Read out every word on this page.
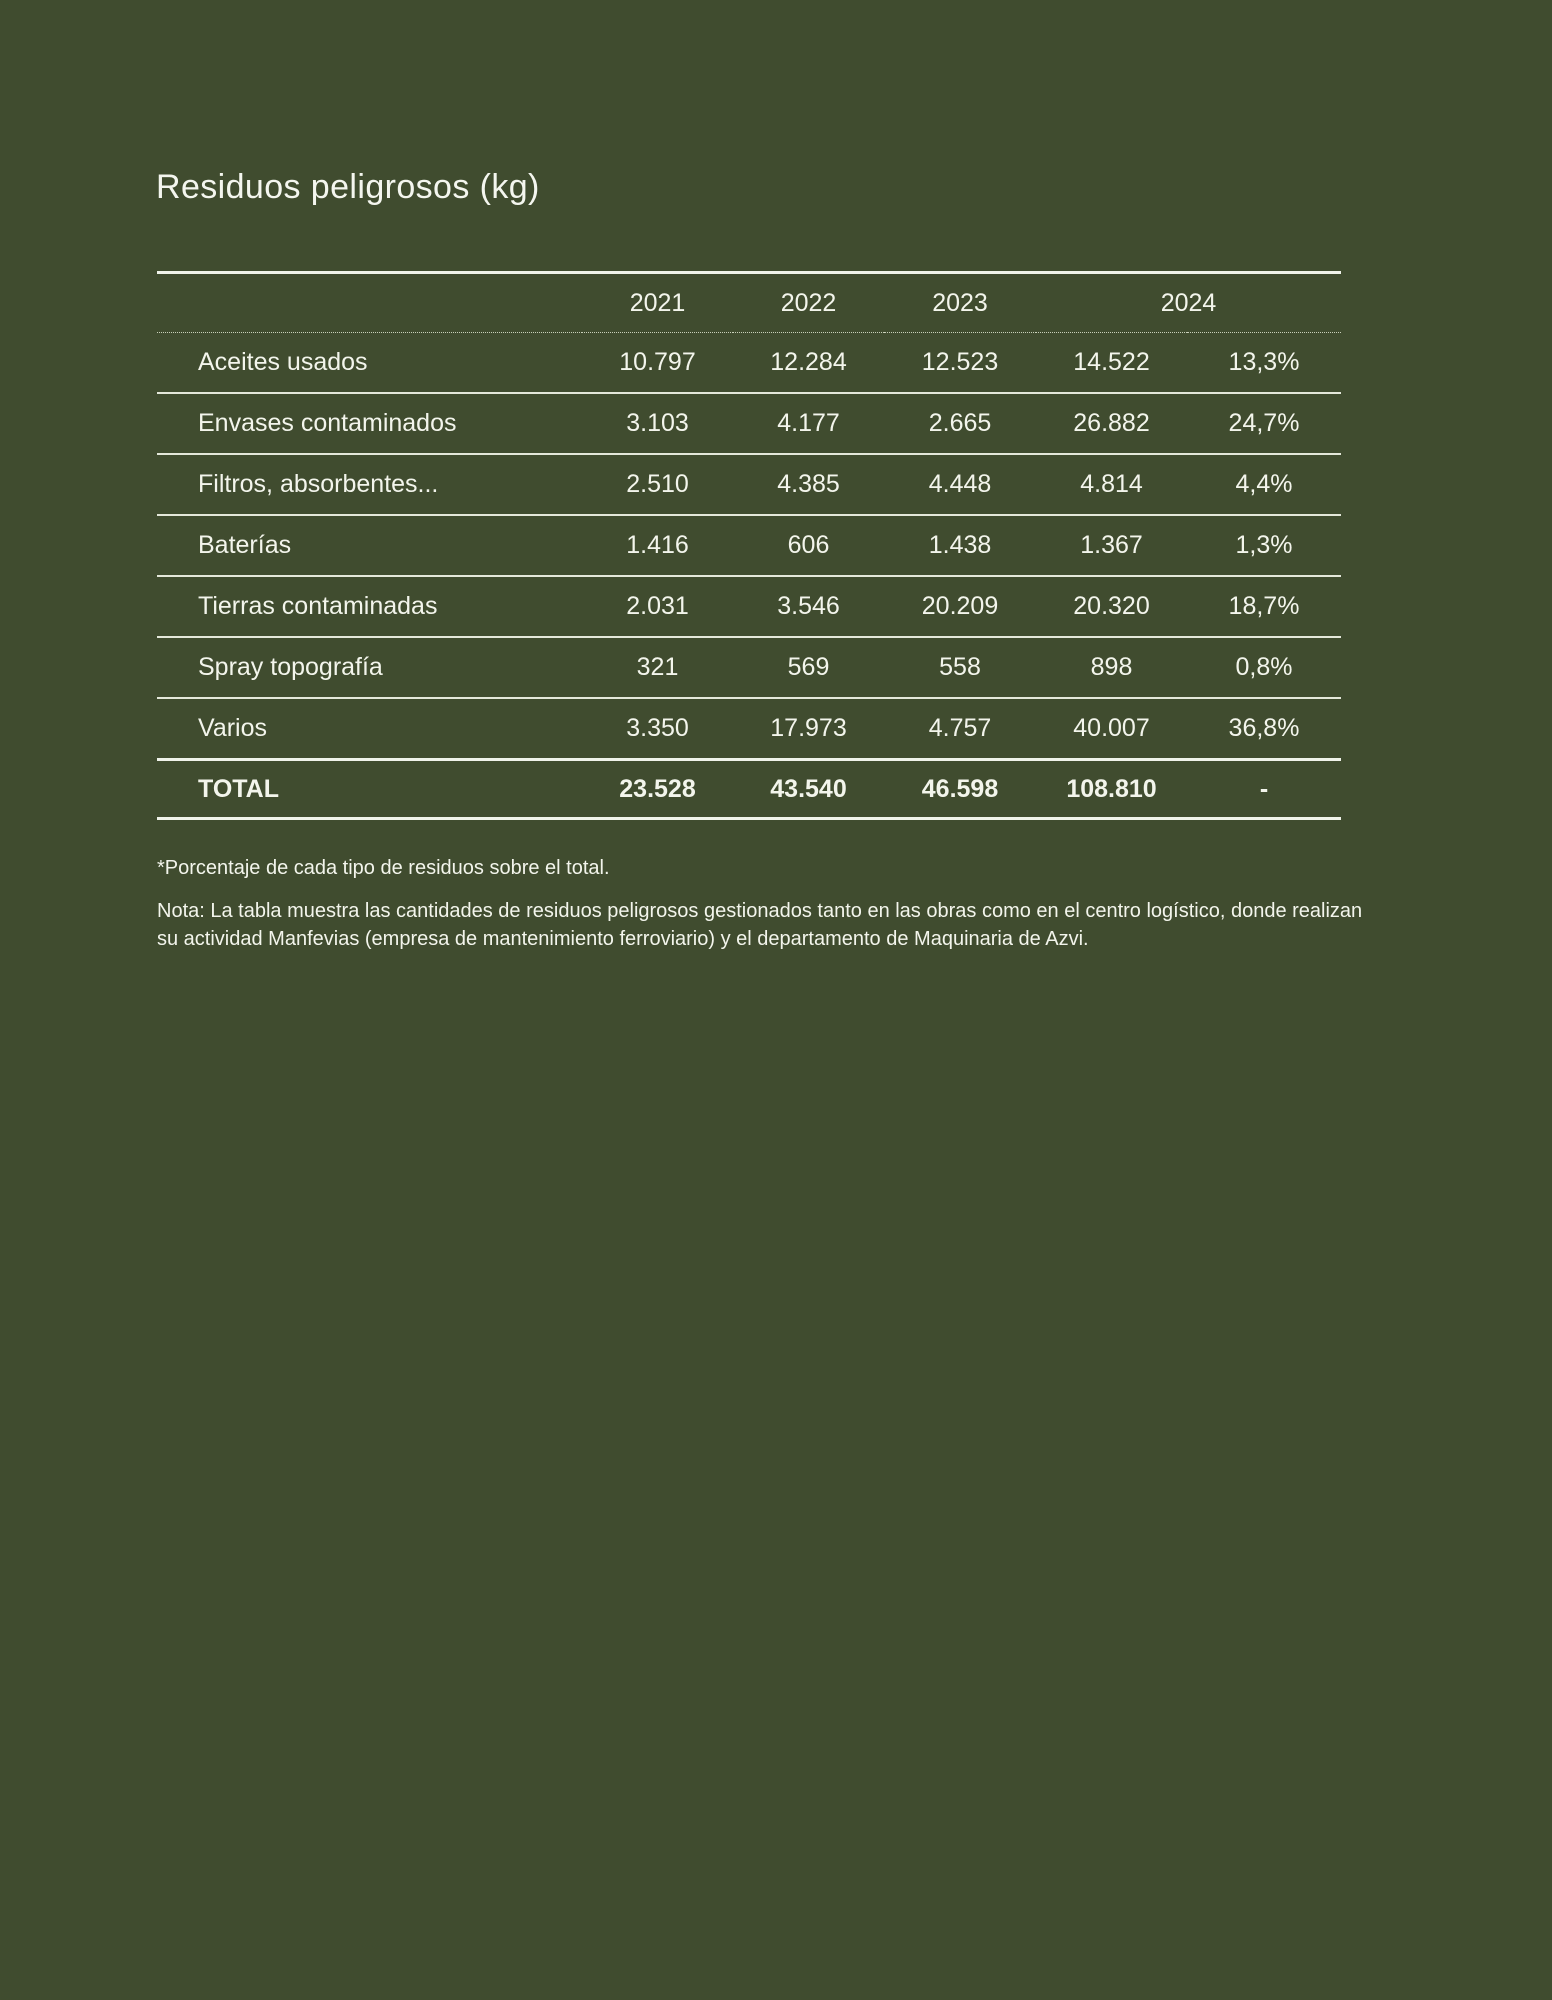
Residuos peligrosos (kg)
	2021	2022	2023	2024	
Aceites usados	10.797	12.284	12.523	14.522	13,3%
Envases contaminados	3.103	4.177	2.665	26.882	24,7%
Filtros, absorbentes...	2.510	4.385	4.448	4.814	4,4%
Baterías	1.416	606	1.438	1.367	1,3%
Tierras contaminadas	2.031	3.546	20.209	20.320	18,7%
Spray topografía	321	569	558	898	0,8%
Varios	3.350	17.973	4.757	40.007	36,8%
TOTAL	23.528	43.540	46.598	108.810	-

*Porcentaje de cada tipo de residuos sobre el total.

Nota: La tabla muestra las cantidades de residuos peligrosos gestionados tanto en las obras como en el centro logístico, donde realizan
su actividad Manfevias (empresa de mantenimiento ferroviario) y el departamento de Maquinaria de Azvi.
